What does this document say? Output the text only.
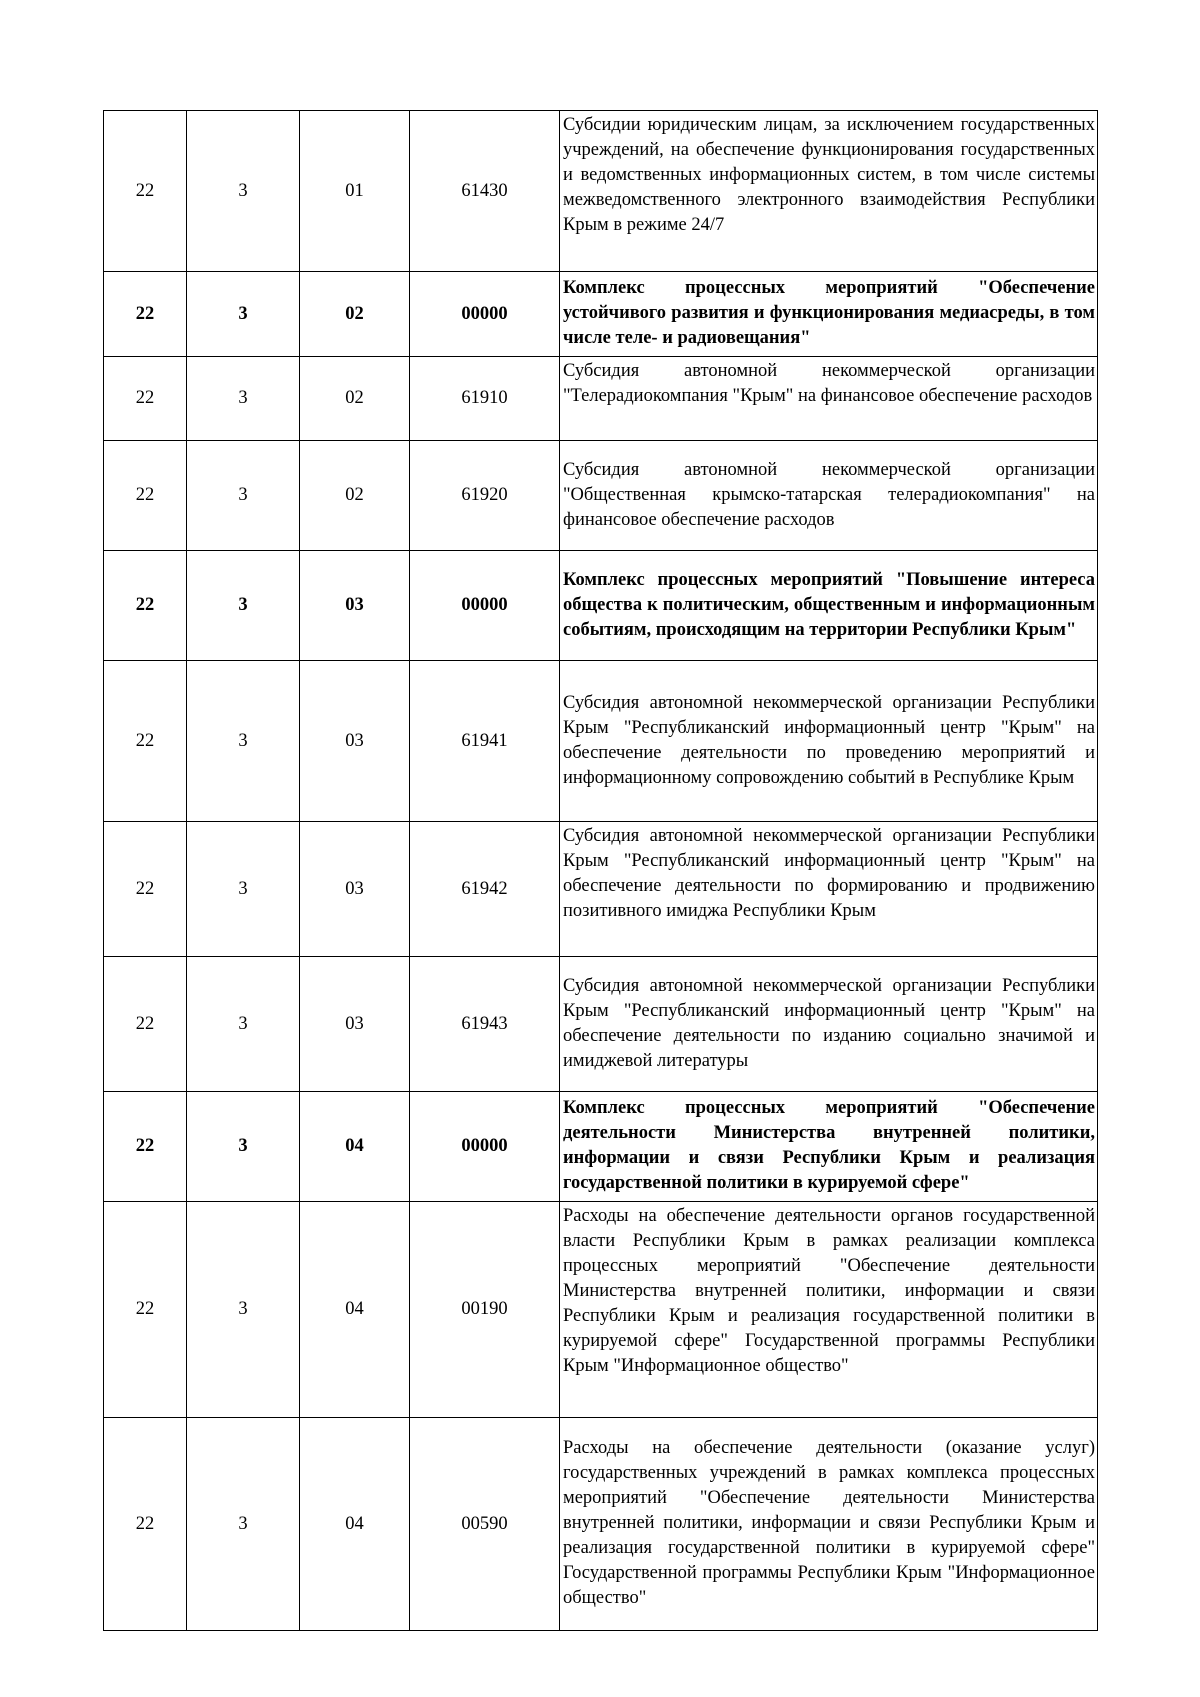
22	3	01	61430	Субсидии юридическим лицам, за исключением государственных учреждений, на обеспечение функционирования государственных и ведомственных информационных систем, в том числе системы межведомственного электронного взаимодействия Республики Крым в режиме 24/7
22	3	02	00000	Комплекс процессных мероприятий "Обеспечение устойчивого развития и функционирования медиасреды, в том числе теле- и радиовещания"
22	3	02	61910	Субсидия автономной некоммерческой организации "Телерадиокомпания "Крым" на финансовое обеспечение расходов
22	3	02	61920	Субсидия автономной некоммерческой организации "Общественная крымско-татарская телерадиокомпания" на финансовое обеспечение расходов
22	3	03	00000	Комплекс процессных мероприятий "Повышение интереса общества к политическим, общественным и информационным событиям, происходящим на территории Республики Крым"
22	3	03	61941	Субсидия автономной некоммерческой организации Республики Крым "Республиканский информационный центр "Крым" на обеспечение деятельности по проведению мероприятий и информационному сопровождению событий в Республике Крым
22	3	03	61942	Субсидия автономной некоммерческой организации Республики Крым "Республиканский информационный центр "Крым" на обеспечение деятельности по формированию и продвижению позитивного имиджа Республики Крым
22	3	03	61943	Субсидия автономной некоммерческой организации Республики Крым "Республиканский информационный центр "Крым" на обеспечение деятельности по изданию социально значимой и имиджевой литературы
22	3	04	00000	Комплекс процессных мероприятий "Обеспечение деятельности Министерства внутренней политики, информации и связи Республики Крым и реализация государственной политики в курируемой сфере"
22	3	04	00190	Расходы на обеспечение деятельности органов государственной власти Республики Крым в рамках реализации комплекса процессных мероприятий "Обеспечение деятельности Министерства внутренней политики, информации и связи Республики Крым и реализация государственной политики в курируемой сфере" Государственной программы Республики Крым "Информационное общество"
22	3	04	00590	Расходы на обеспечение деятельности (оказание услуг) государственных учреждений в рамках комплекса процессных мероприятий "Обеспечение деятельности Министерства внутренней политики, информации и связи Республики Крым и реализация государственной политики в курируемой сфере" Государственной программы Республики Крым "Информационное общество"
